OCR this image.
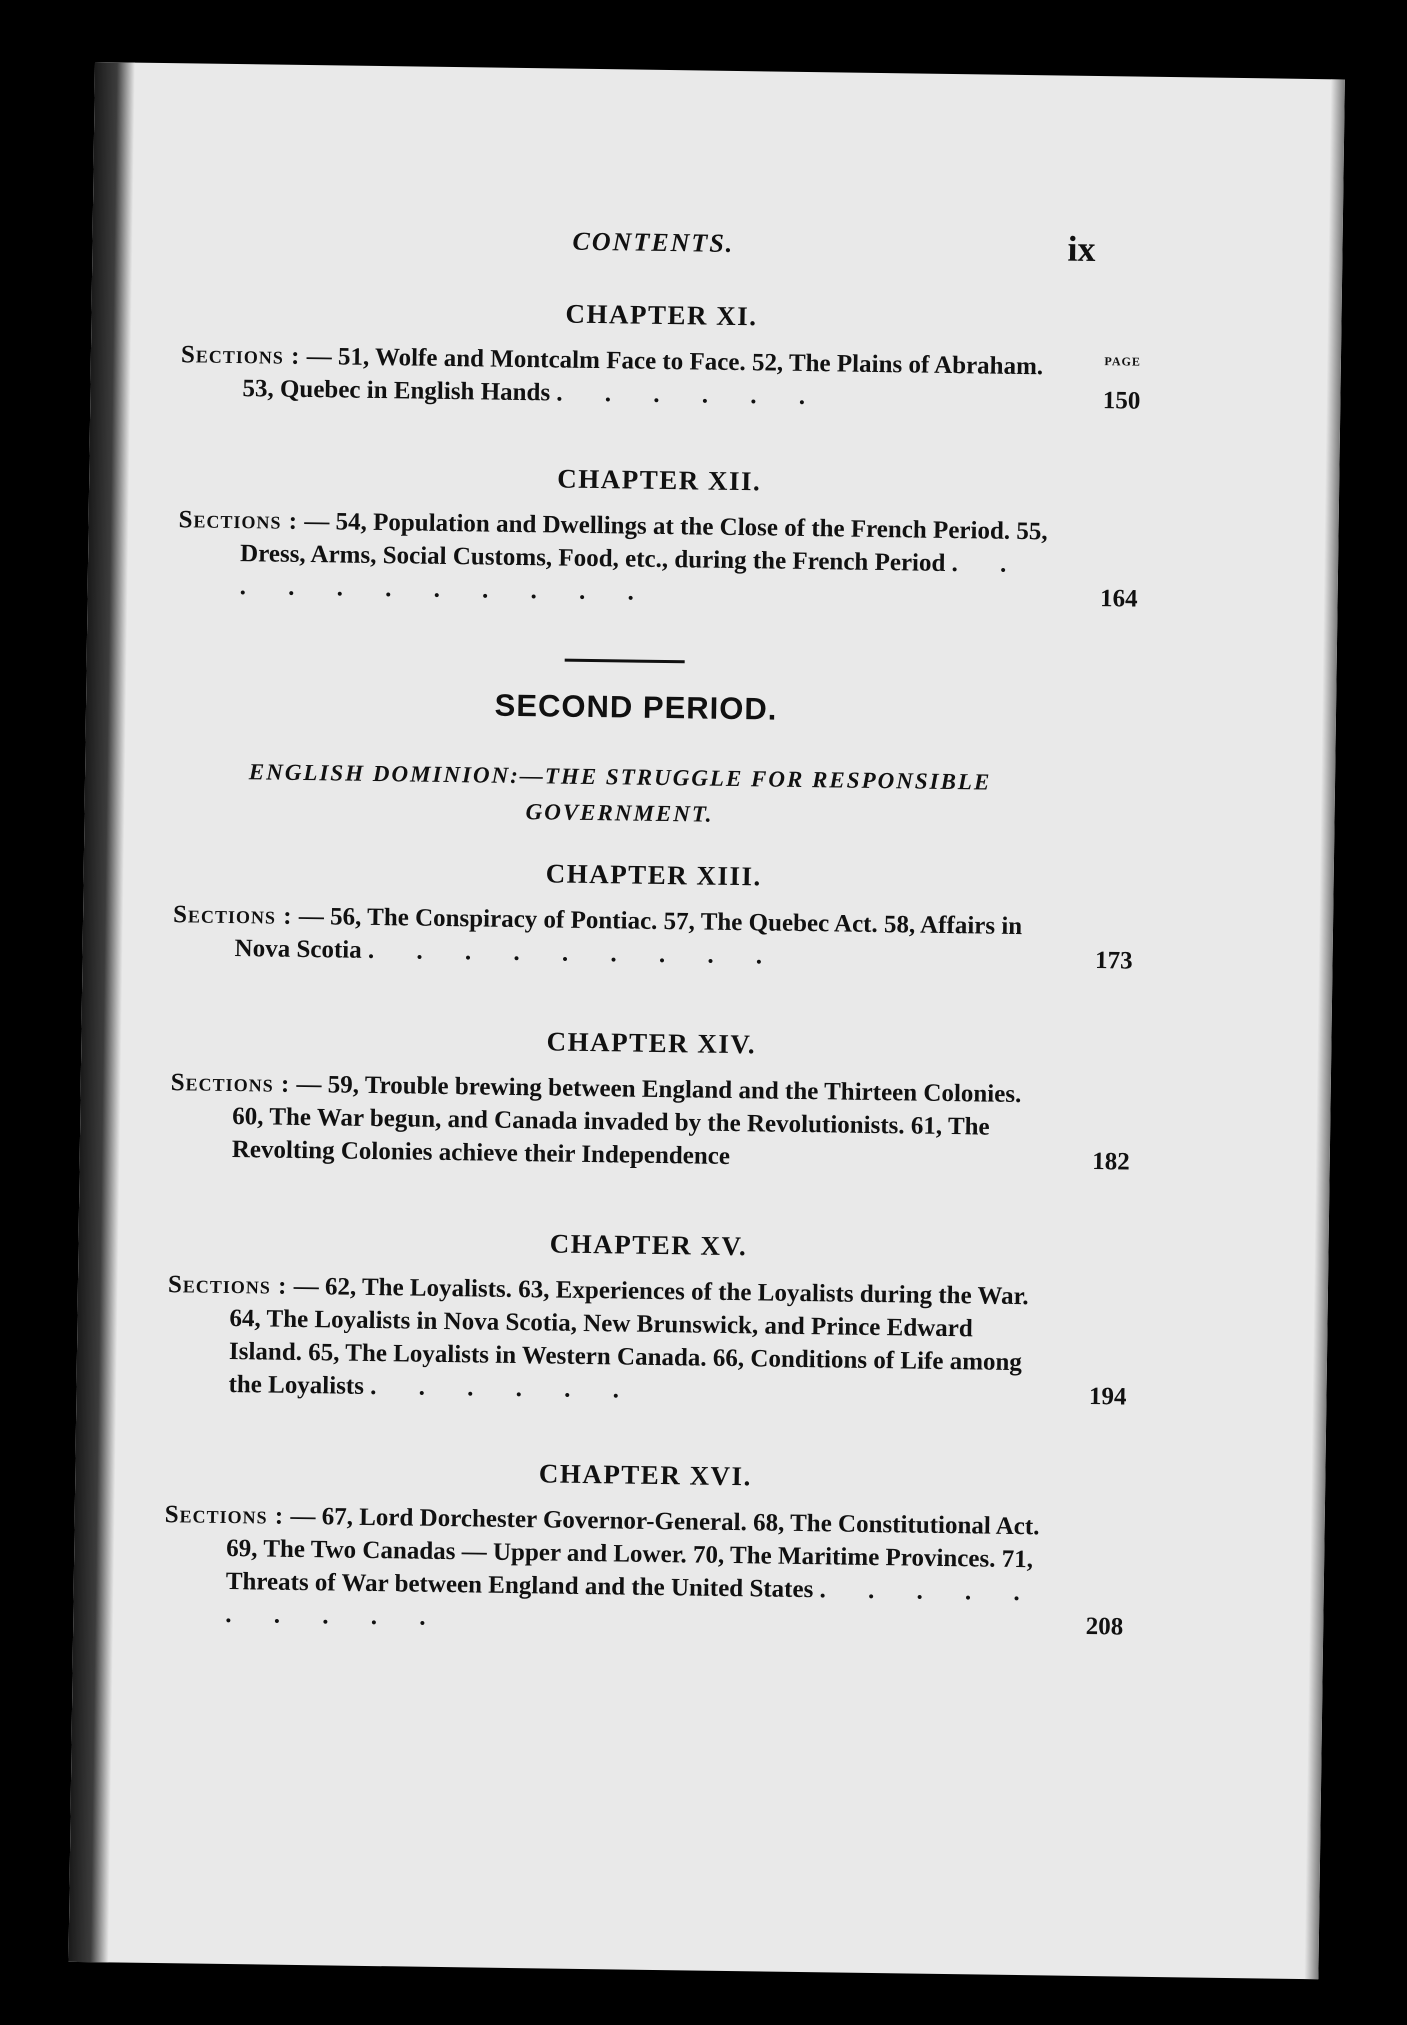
CONTENTS.	ix
CHAPTER XI.
PAGE
Sections : — 51, Wolfe and Montcalm Face to Face. 52, The Plains of Abraham. 53, Quebec in English Hands . . . . . .	150
CHAPTER XII.
Sections : — 54, Population and Dwellings at the Close of the French Period. 55, Dress, Arms, Social Customs, Food, etc., during the French Period . . . . . . . . . . .	164
SECOND PERIOD.
ENGLISH DOMINION:—THE STRUGGLE FOR RESPONSIBLE GOVERNMENT.
CHAPTER XIII.
Sections : — 56, The Conspiracy of Pontiac. 57, The Quebec Act. 58, Affairs in Nova Scotia . . . . . . . . .	173
CHAPTER XIV.
Sections : — 59, Trouble brewing between England and the Thirteen Colonies. 60, The War begun, and Canada invaded by the Revolutionists. 61, The Revolting Colonies achieve their Independence	182
CHAPTER XV.
Sections : — 62, The Loyalists. 63, Experiences of the Loyalists during the War. 64, The Loyalists in Nova Scotia, New Brunswick, and Prince Edward Island. 65, The Loyalists in Western Canada. 66, Conditions of Life among the Loyalists . . . . . .	194
CHAPTER XVI.
Sections : — 67, Lord Dorchester Governor-General. 68, The Constitutional Act. 69, The Two Canadas — Upper and Lower. 70, The Maritime Provinces. 71, Threats of War between England and the United States . . . . . . . . . .	208
